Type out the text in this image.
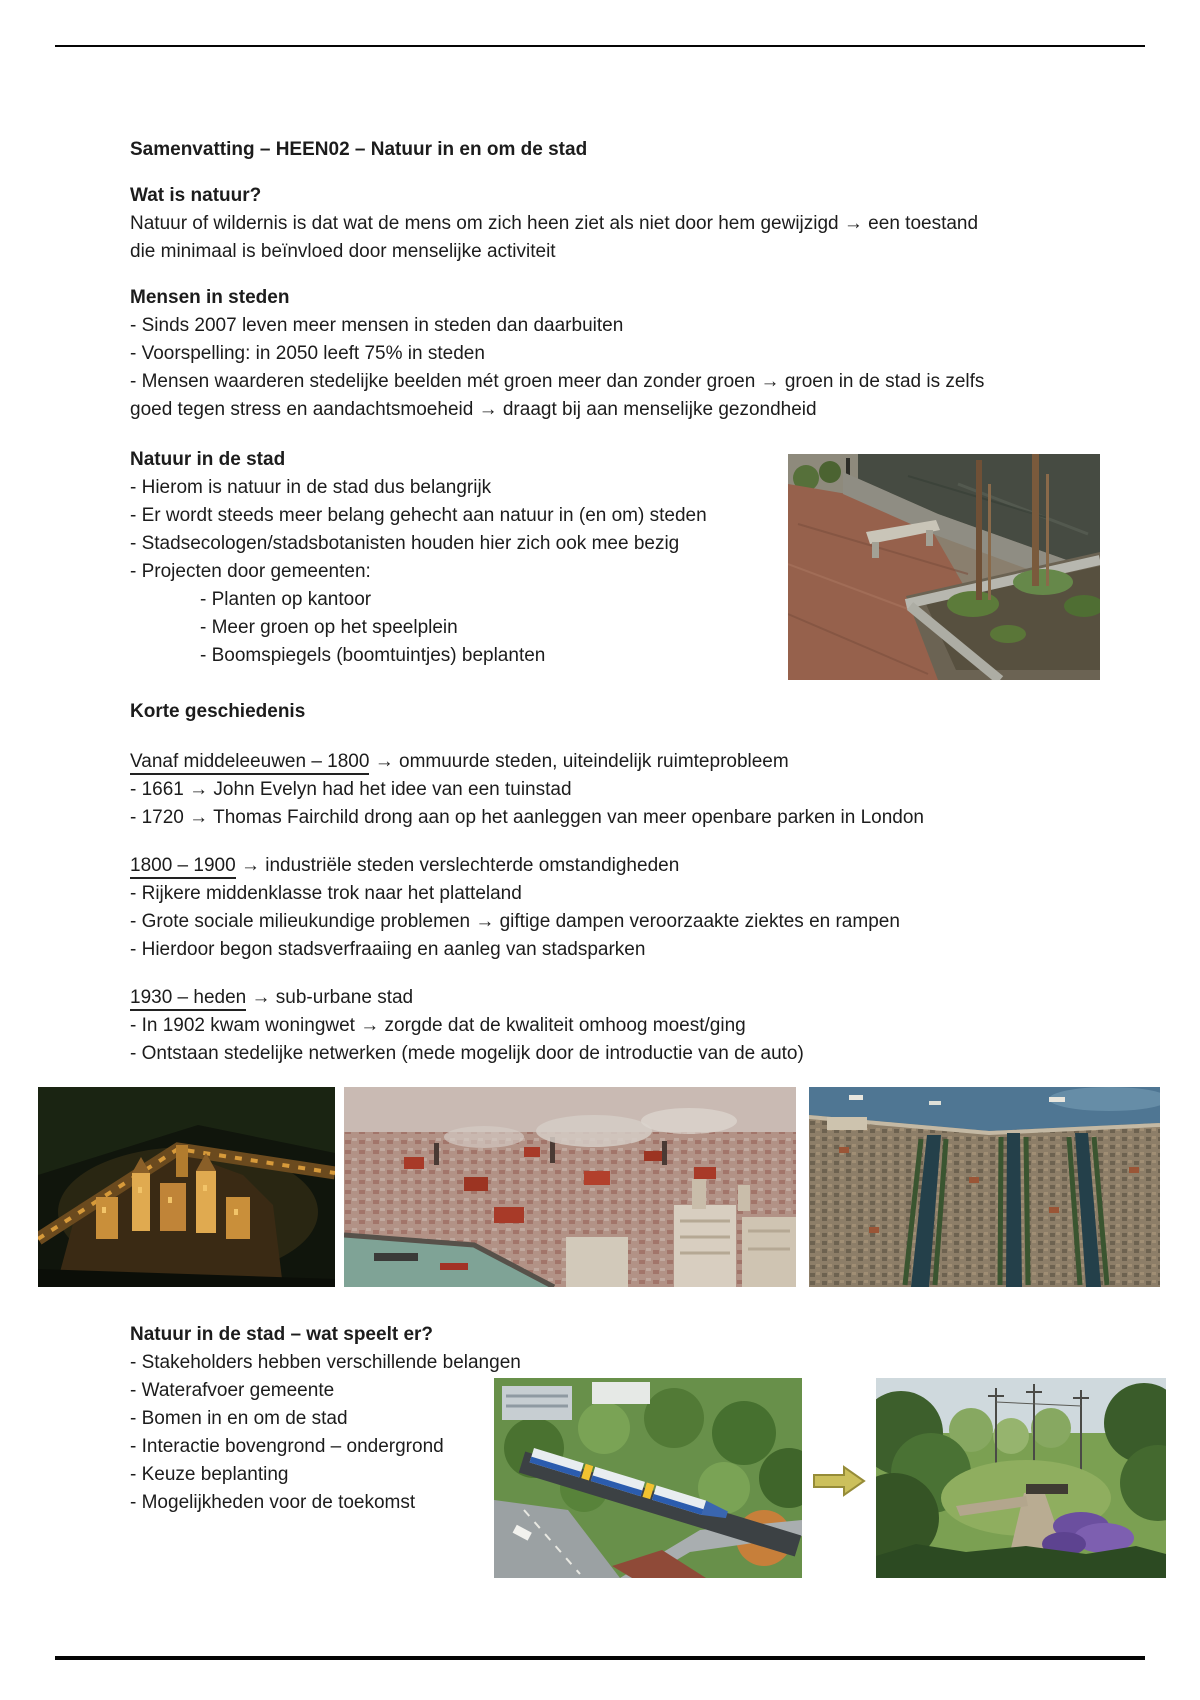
Samenvatting – HEEN02 – Natuur in en om de stad
Wat is natuur?
Natuur of wildernis is dat wat de mens om zich heen ziet als niet door hem gewijzigd → een toestand
die minimaal is beïnvloed door menselijke activiteit
Mensen in steden
- Sinds 2007 leven meer mensen in steden dan daarbuiten
- Voorspelling: in 2050 leeft 75% in steden
- Mensen waarderen stedelijke beelden mét groen meer dan zonder groen → groen in de stad is zelfs
goed tegen stress en aandachtsmoeheid → draagt bij aan menselijke gezondheid
Natuur in de stad
- Hierom is natuur in de stad dus belangrijk
- Er wordt steeds meer belang gehecht aan natuur in (en om) steden
- Stadsecologen/stadsbotanisten houden hier zich ook mee bezig
- Projecten door gemeenten:
- Planten op kantoor
- Meer groen op het speelplein
- Boomspiegels (boomtuintjes) beplanten
Korte geschiedenis
Vanaf middeleeuwen – 1800 → ommuurde steden, uiteindelijk ruimteprobleem
- 1661 → John Evelyn had het idee van een tuinstad
- 1720 → Thomas Fairchild drong aan op het aanleggen van meer openbare parken in London
1800 – 1900 → industriële steden verslechterde omstandigheden
- Rijkere middenklasse trok naar het platteland
- Grote sociale milieukundige problemen → giftige dampen veroorzaakte ziektes en rampen
- Hierdoor begon stadsverfraaiing en aanleg van stadsparken
1930 – heden → sub-urbane stad
- In 1902 kwam woningwet → zorgde dat de kwaliteit omhoog moest/ging
- Ontstaan stedelijke netwerken (mede mogelijk door de introductie van de auto)
Natuur in de stad – wat speelt er?
- Stakeholders hebben verschillende belangen
- Waterafvoer gemeente
- Bomen in en om de stad
- Interactie bovengrond – ondergrond
- Keuze beplanting
- Mogelijkheden voor de toekomst
